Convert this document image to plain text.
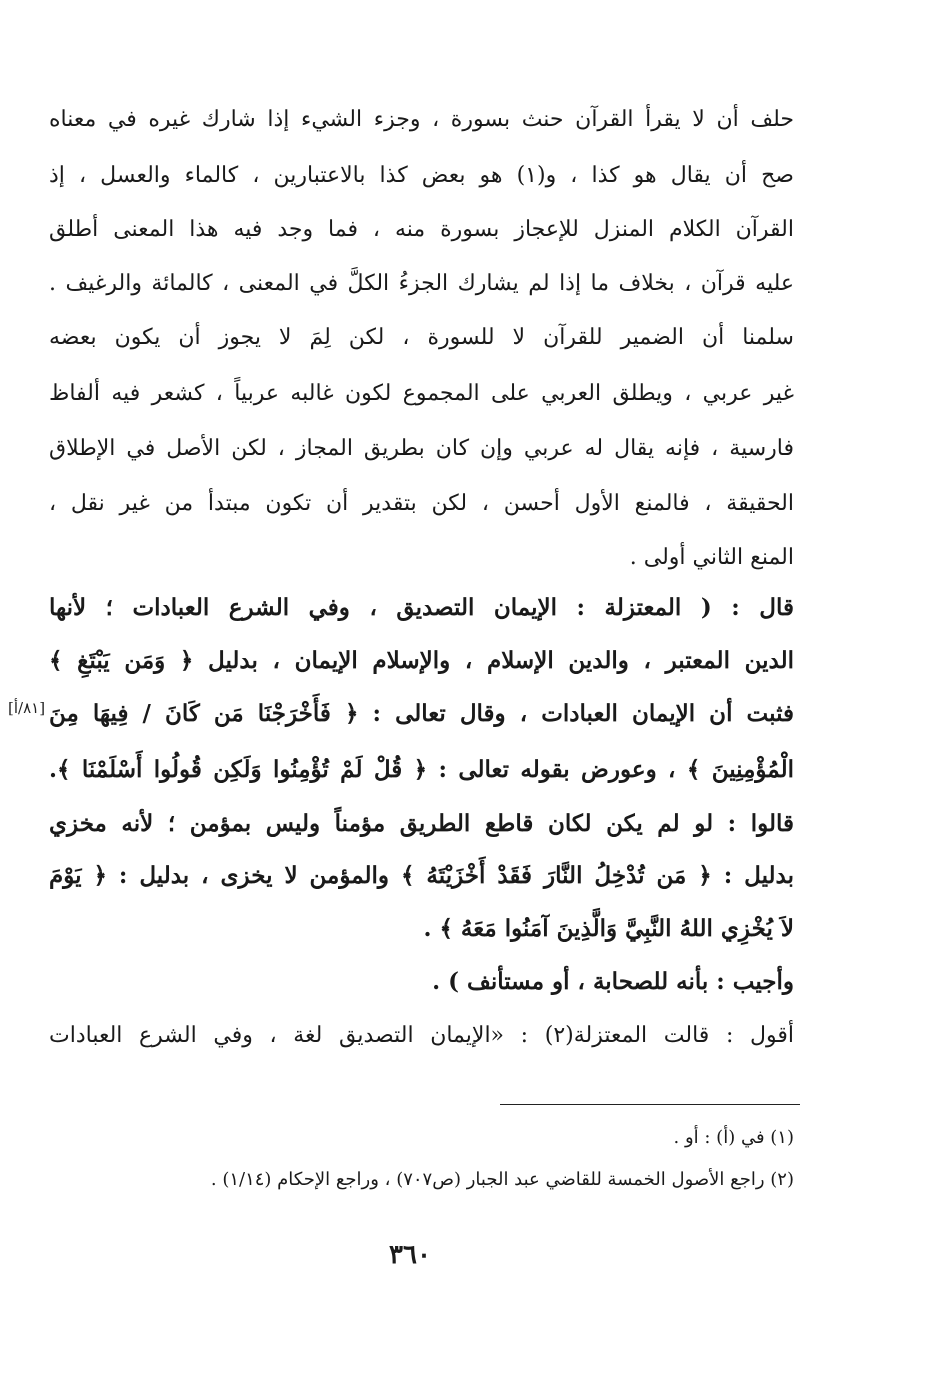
حلف أن لا يقرأ القرآن حنث بسورة ، وجزء الشيء إذا شارك غيره في معناه
صح أن يقال هو كذا ، و(١) هو بعض كذا بالاعتبارين ، كالماء والعسل ، إذ
القرآن الكلام المنزل للإعجاز بسورة منه ، فما وجد فيه هذا المعنى أطلق
عليه قرآن ، بخلاف ما إذا لم يشارك الجزءُ الكلَّ في المعنى ، كالمائة والرغيف .
سلمنا أن الضمير للقرآن لا للسورة ، لكن لِمَ لا يجوز أن يكون بعضه
غير عربي ، ويطلق العربي على المجموع لكون غالبه عربياً ، كشعر فيه ألفاظ
فارسية ، فإنه يقال له عربي وإن كان بطريق المجاز ، لكن الأصل في الإطلاق
الحقيقة ، فالمنع الأول أحسن ، لكن بتقدير أن تكون مبتدأ من غير نقل ،
المنع الثاني أولى .
قال : ( المعتزلة : الإيمان التصديق ، وفي الشرع العبادات ؛ لأنها
الدين المعتبر ، والدين الإسلام ، والإسلام الإيمان ، بدليل ﴿ وَمَن يَبْتَغِ ﴾
فثبت أن الإيمان العبادات ، وقال تعالى : ﴿ فَأَخْرَجْنَا مَن كَانَ / فِيهَا مِنَ
[٨١/أ]
الْمُؤْمِنِينَ ﴾ ، وعورض بقوله تعالى : ﴿ قُلْ لَمْ تُؤْمِنُوا وَلَكِن قُولُوا أَسْلَمْنَا ﴾.
قالوا : لو لم يكن لكان قاطع الطريق مؤمناً وليس بمؤمن ؛ لأنه مخزي
بدليل : ﴿ مَن تُدْخِلُ النَّارَ فَقَدْ أَخْزَيْتَهُ ﴾ والمؤمن لا يخزى ، بدليل : ﴿ يَوْمَ
لاَ يُخْزِي اللهُ النَّبِيَّ وَالَّذِينَ آمَنُوا مَعَهُ ﴾ .
وأجيب : بأنه للصحابة ، أو مستأنف ) .
أقول : قالت المعتزلة(٢) : «الإيمان التصديق لغة ، وفي الشرع العبادات
(١) في (أ) : أو .
(٢) راجع الأصول الخمسة للقاضي عبد الجبار (ص٧٠٧) ، وراجع الإحكام (١/١٤) .
٣٦٠
